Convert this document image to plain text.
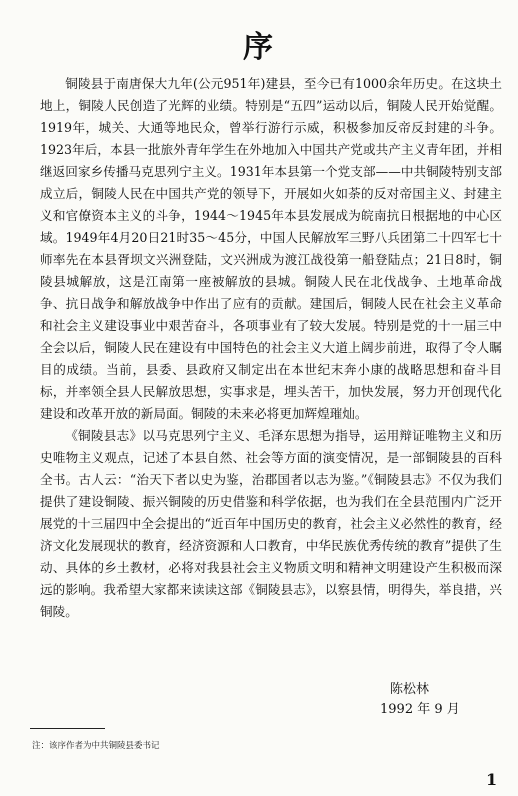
序

铜陵县于南唐保大九年(公元951年)建县，至今已有1000余年历史。在这块土地上，铜陵人民创造了光辉的业绩。特别是“五四”运动以后，铜陵人民开始觉醒。1919年，城关、大通等地民众，曾举行游行示威，积极参加反帝反封建的斗争。1923年后，本县一批旅外青年学生在外地加入中国共产党或共产主义青年团，并相继返回家乡传播马克思列宁主义。1931年本县第一个党支部——中共铜陵特别支部成立后，铜陵人民在中国共产党的领导下，开展如火如荼的反对帝国主义、封建主义和官僚资本主义的斗争，1944～1945年本县发展成为皖南抗日根据地的中心区域。1949年4月20日21时35～45分，中国人民解放军三野八兵团第二十四军七十师率先在本县胥坝文兴洲登陆，文兴洲成为渡江战役第一船登陆点；21日8时，铜陵县城解放，这是江南第一座被解放的县城。铜陵人民在北伐战争、土地革命战争、抗日战争和解放战争中作出了应有的贡献。建国后，铜陵人民在社会主义革命和社会主义建设事业中艰苦奋斗，各项事业有了较大发展。特别是党的十一届三中全会以后，铜陵人民在建设有中国特色的社会主义大道上阔步前进，取得了令人瞩目的成绩。当前，县委、县政府又制定出在本世纪末奔小康的战略思想和奋斗目标，并率领全县人民解放思想，实事求是，埋头苦干，加快发展，努力开创现代化建设和改革开放的新局面。铜陵的未来必将更加辉煌璀灿。

《铜陵县志》以马克思列宁主义、毛泽东思想为指导，运用辩证唯物主义和历史唯物主义观点，记述了本县自然、社会等方面的演变情况，是一部铜陵县的百科全书。古人云：“治天下者以史为鉴，治郡国者以志为鉴。”《铜陵县志》不仅为我们提供了建设铜陵、振兴铜陵的历史借鉴和科学依据，也为我们在全县范围内广泛开展党的十三届四中全会提出的“近百年中国历史的教育，社会主义必然性的教育，经济文化发展现状的教育，经济资源和人口教育，中华民族优秀传统的教育”提供了生动、具体的乡土教材，必将对我县社会主义物质文明和精神文明建设产生积极而深远的影响。我希望大家都来读读这部《铜陵县志》，以察县情，明得失，举良措，兴铜陵。

陈松林
1992 年 9 月
注：该序作者为中共铜陵县委书记
1
